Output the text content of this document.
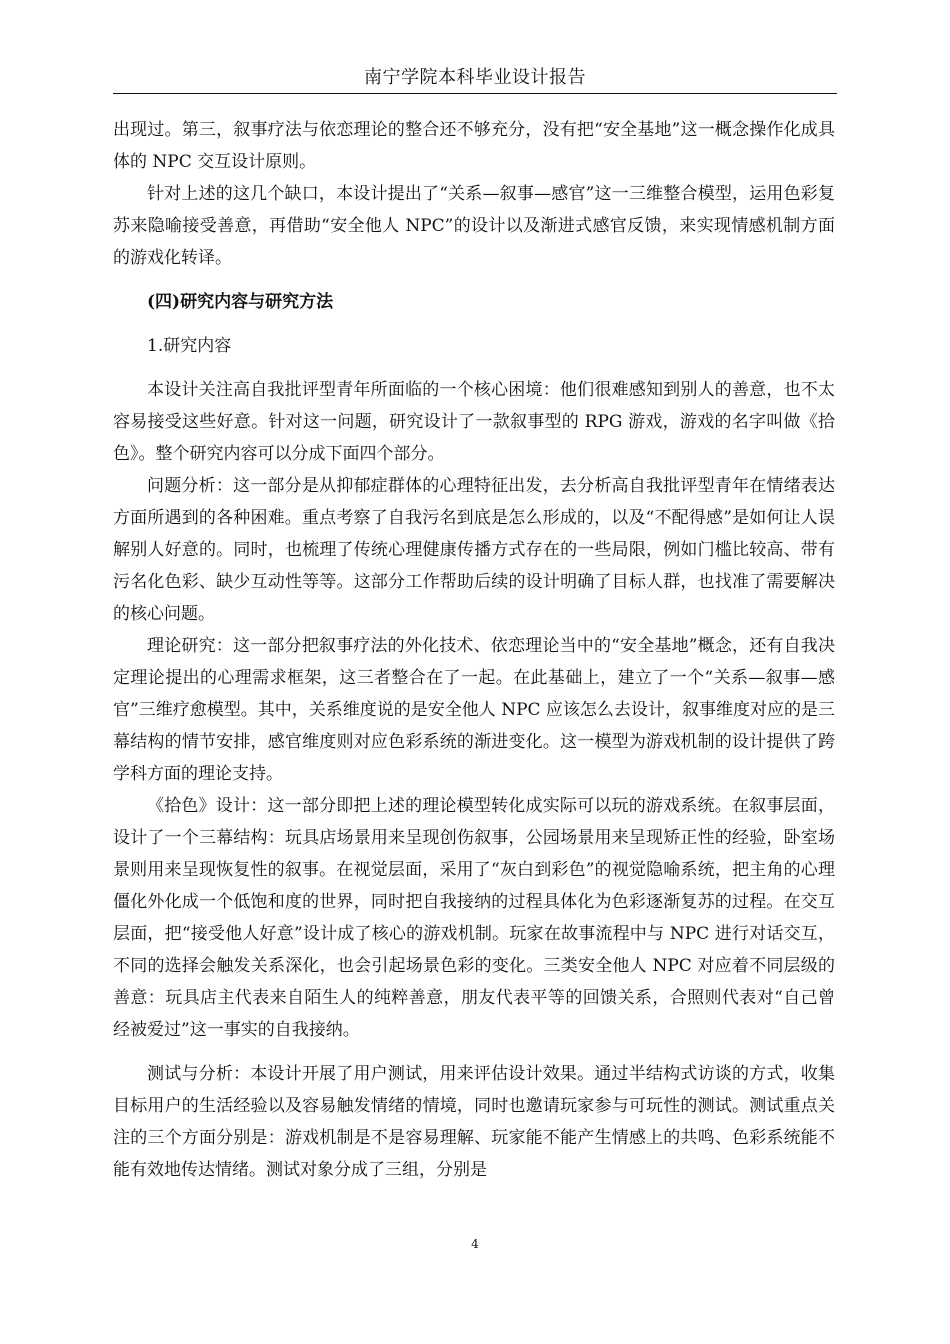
南宁学院本科毕业设计报告

出现过。第三，叙事疗法与依恋理论的整合还不够充分，没有把“安全基地”这一概念操作化成具体的 NPC 交互设计原则。

针对上述的这几个缺口，本设计提出了“关系—叙事—感官”这一三维整合模型，运用色彩复苏来隐喻接受善意，再借助“安全他人 NPC”的设计以及渐进式感官反馈，来实现情感机制方面的游戏化转译。

(四)研究内容与研究方法

1.研究内容

本设计关注高自我批评型青年所面临的一个核心困境：他们很难感知到别人的善意，也不太容易接受这些好意。针对这一问题，研究设计了一款叙事型的 RPG 游戏，游戏的名字叫做《拾色》。整个研究内容可以分成下面四个部分。

问题分析：这一部分是从抑郁症群体的心理特征出发，去分析高自我批评型青年在情绪表达方面所遇到的各种困难。重点考察了自我污名到底是怎么形成的，以及“不配得感”是如何让人误解别人好意的。同时，也梳理了传统心理健康传播方式存在的一些局限，例如门槛比较高、带有污名化色彩、缺少互动性等等。这部分工作帮助后续的设计明确了目标人群，也找准了需要解决的核心问题。

理论研究：这一部分把叙事疗法的外化技术、依恋理论当中的“安全基地”概念，还有自我决定理论提出的心理需求框架，这三者整合在了一起。在此基础上，建立了一个“关系—叙事—感官”三维疗愈模型。其中，关系维度说的是安全他人 NPC 应该怎么去设计，叙事维度对应的是三幕结构的情节安排，感官维度则对应色彩系统的渐进变化。这一模型为游戏机制的设计提供了跨学科方面的理论支持。

《拾色》设计：这一部分即把上述的理论模型转化成实际可以玩的游戏系统。在叙事层面，设计了一个三幕结构：玩具店场景用来呈现创伤叙事，公园场景用来呈现矫正性的经验，卧室场景则用来呈现恢复性的叙事。在视觉层面，采用了“灰白到彩色”的视觉隐喻系统，把主角的心理僵化外化成一个低饱和度的世界，同时把自我接纳的过程具体化为色彩逐渐复苏的过程。在交互层面，把“接受他人好意”设计成了核心的游戏机制。玩家在故事流程中与 NPC 进行对话交互，不同的选择会触发关系深化，也会引起场景色彩的变化。三类安全他人 NPC 对应着不同层级的善意：玩具店主代表来自陌生人的纯粹善意，朋友代表平等的回馈关系，合照则代表对“自己曾经被爱过”这一事实的自我接纳。

测试与分析：本设计开展了用户测试，用来评估设计效果。通过半结构式访谈的方式，收集目标用户的生活经验以及容易触发情绪的情境，同时也邀请玩家参与可玩性的测试。测试重点关注的三个方面分别是：游戏机制是不是容易理解、玩家能不能产生情感上的共鸣、色彩系统能不能有效地传达情绪。测试对象分成了三组，分别是

4
